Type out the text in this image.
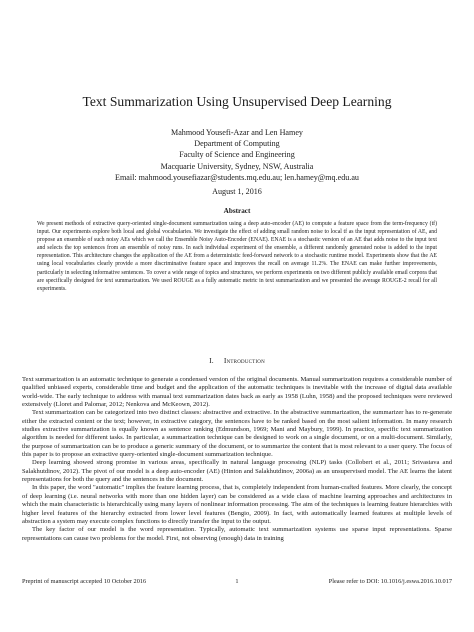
Text Summarization Using Unsupervised Deep Learning
Mahmood Yousefi-Azar and Len Hamey
Department of Computing
Faculty of Science and Engineering
Macquarie University, Sydney, NSW, Australia
Email: mahmood.yousefiazar@students.mq.edu.au; len.hamey@mq.edu.au
August 1, 2016
Abstract
We present methods of extractive query-oriented single-document summarization using a deep auto-encoder (AE) to compute a feature space from the term-frequency (tf) input. Our experiments explore both local and global vocabularies. We investigate the effect of adding small random noise to local tf as the input representation of AE, and propose an ensemble of such noisy AEs which we call the Ensemble Noisy Auto-Encoder (ENAE). ENAE is a stochastic version of an AE that adds noise to the input text and selects the top sentences from an ensemble of noisy runs. In each individual experiment of the ensemble, a different randomly generated noise is added to the input representation. This architecture changes the application of the AE from a deterministic feed-forward network to a stochastic runtime model. Experiments show that the AE using local vocabularies clearly provide a more discriminative feature space and improves the recall on average 11.2%. The ENAE can make further improvements, particularly in selecting informative sentences. To cover a wide range of topics and structures, we perform experiments on two different publicly available email corpora that are specifically designed for text summarization. We used ROUGE as a fully automatic metric in text summarization and we presented the average ROUGE-2 recall for all experiments.
I. Introduction

Text summarization is an automatic technique to generate a condensed version of the original documents. Manual summarization requires a considerable number of qualified unbiased experts, considerable time and budget and the application of the automatic techniques is inevitable with the increase of digital data available world-wide. The early technique to address with manual text summarization dates back as early as 1958 (Luhn, 1958) and the proposed techniques were reviewed extensively (Lloret and Palomar, 2012; Nenkova and McKeown, 2012).

Text summarization can be categorized into two distinct classes: abstractive and extractive. In the abstractive summarization, the summarizer has to re-generate either the extracted content or the text; however, in extractive category, the sentences have to be ranked based on the most salient information. In many research studies extractive summarization is equally known as sentence ranking (Edmundson, 1969; Mani and Maybury, 1999). In practice, specific text summarization algorithm is needed for different tasks. In particular, a summarization technique can be designed to work on a single document, or on a multi-document. Similarly, the purpose of summarization can be to produce a generic summary of the document, or to summarize the content that is most relevant to a user query. The focus of this paper is to propose an extractive query-oriented single-document summarization technique.

Deep learning showed strong promise in various areas, specifically in natural language processing (NLP) tasks (Collobert et al., 2011; Srivastava and Salakhutdinov, 2012). The pivot of our model is a deep auto-encoder (AE) (Hinton and Salakhutdinov, 2006a) as an unsupervised model. The AE learns the latent representations for both the query and the sentences in the document.

In this paper, the word "automatic" implies the feature learning process, that is, completely independent from human-crafted features. More clearly, the concept of deep learning (i.e. neural networks with more than one hidden layer) can be considered as a wide class of machine learning approaches and architectures in which the main characteristic is hierarchically using many layers of nonlinear information processing. The aim of the techniques is learning feature hierarchies with higher level features of the hierarchy extracted from lower level features (Bengio, 2009). In fact, with automatically learned features at multiple levels of abstraction a system may execute complex functions to directly transfer the input to the output.

The key factor of our model is the word representation. Typically, automatic text summarization systems use sparse input representations. Sparse representations can cause two problems for the model. First, not observing (enough) data in training

Preprint of manuscript accepted 10 October 2016	1	Please refer to DOI: 10.1016/j.eswa.2016.10.017
